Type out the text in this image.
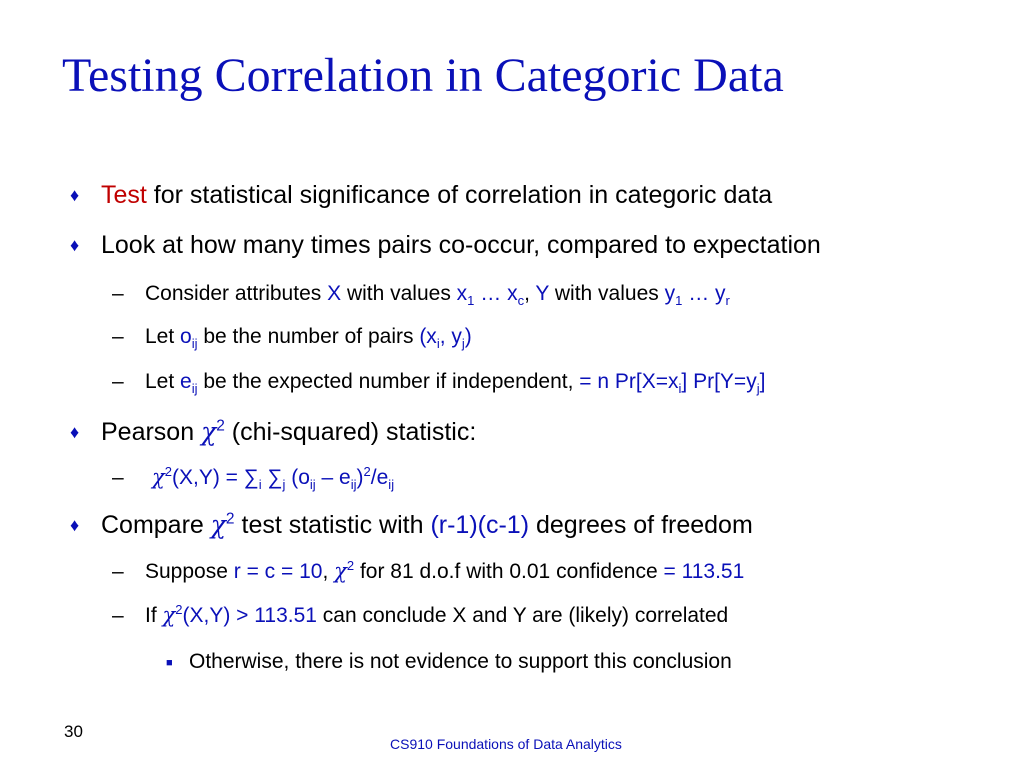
Testing Correlation in Categoric Data
♦ Test for statistical significance of correlation in categoric data
♦ Look at how many times pairs co-occur, compared to expectation
– Consider attributes X with values $x_1$ … $x_c$, Y with values $y_1$ … $y_r$
– Let $o_{ij}$ be the number of pairs ($x_i$, $y_j$)
– Let $e_{ij}$ be the expected number if independent, = n $Pr[X=x_i]$ $Pr[Y=y_j]$
♦ Pearson $\chi^2$ (chi-squared) statistic:
– $\chi^2(X,Y) = \sum_i$ $\sum_j$ $(o_{ij} - e_{ij})^2/e_{ij}$
♦ Compare $\chi^2$ test statistic with (r-1)(c-1) degrees of freedom
– Suppose r = c = 10, $\chi^2$ for 81 d.o.f with 0.01 confidence = 113.51
– If $\chi^2(X,Y) > 113.51$ can conclude X and Y are (likely) correlated
■ Otherwise, there is not evidence to support this conclusion
30
CS910 Foundations of Data Analytics
